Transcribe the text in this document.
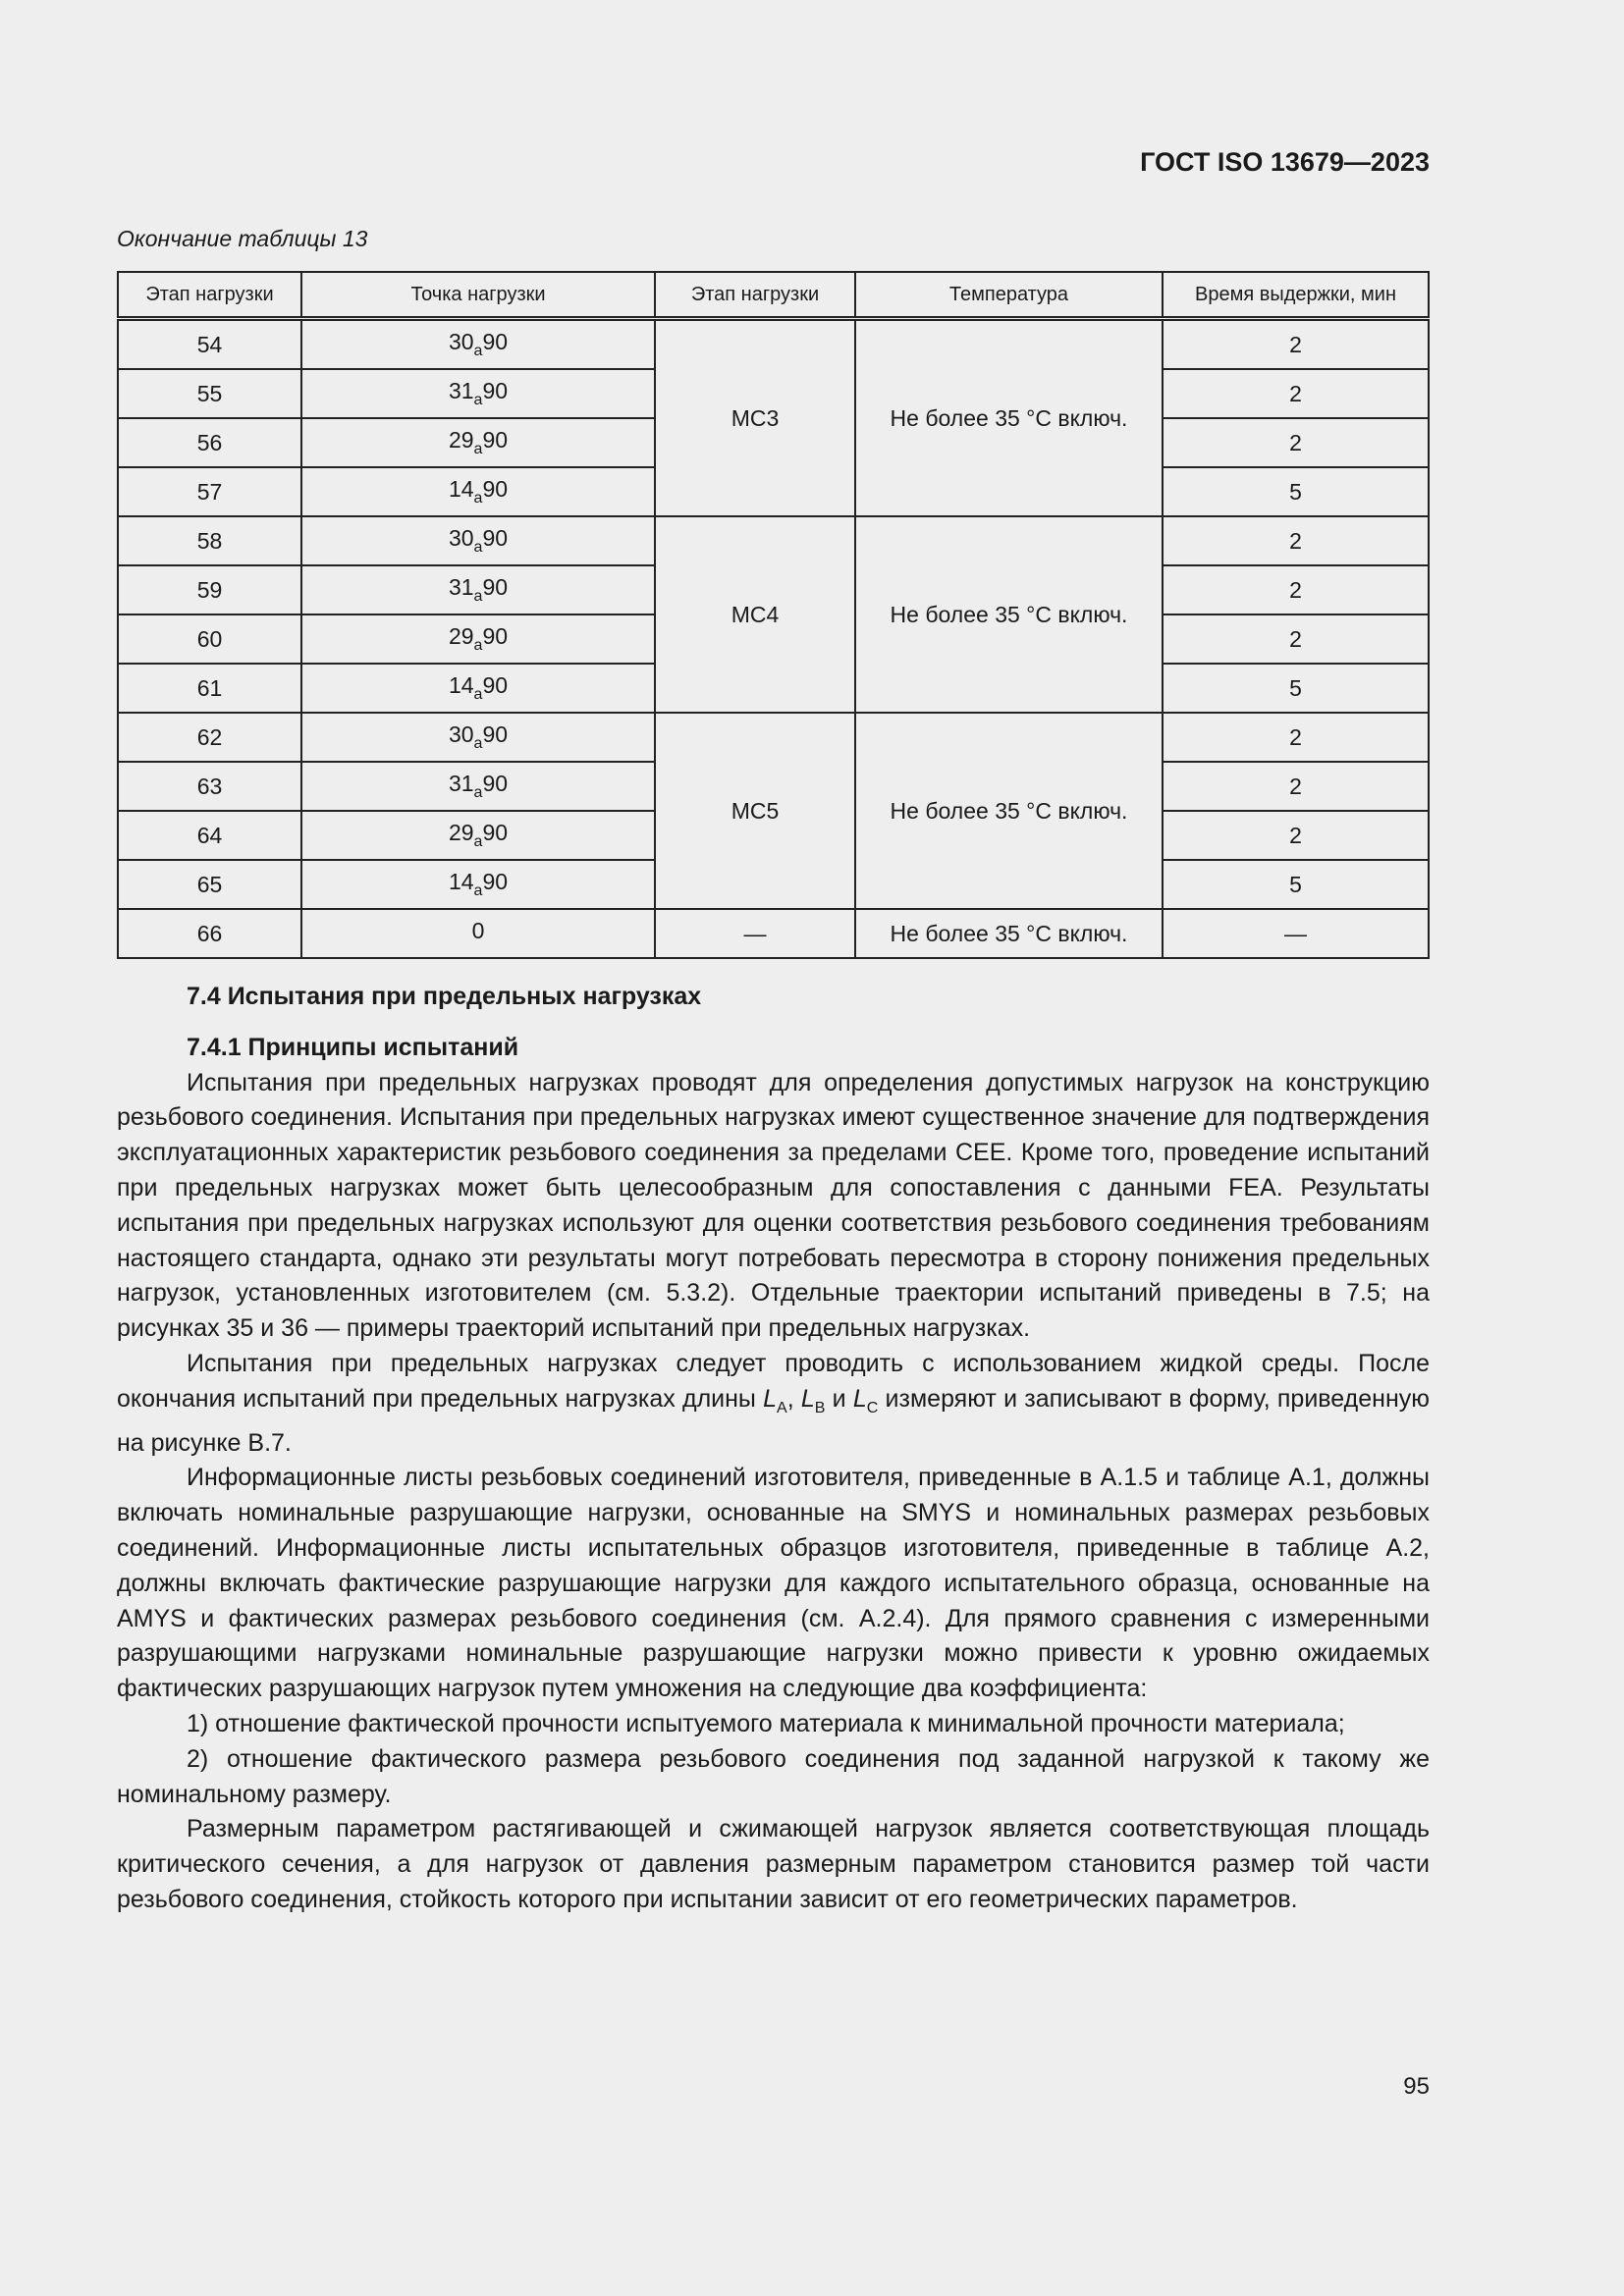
ГОСТ ISO 13679—2023
Окончание таблицы 13
Этап нагрузки	Точка нагрузки	Этап нагрузки	Температура	Время выдержки, мин
54	$30_a90$	MC3	Не более 35 °C включ.	2
55	$31_a90$			2
56	$29_a90$			2
57	$14_a90$			5
58	$30_a90$	MC4	Не более 35 °C включ.	2
59	$31_a90$			2
60	$29_a90$			2
61	$14_a90$			5
62	$30_a90$	MC5	Не более 35 °C включ.	2
63	$31_a90$			2
64	$29_a90$			2
65	$14_a90$			5
66	0	—	Не более 35 °C включ.	—
7.4 Испытания при предельных нагрузках
7.4.1 Принципы испытаний

Испытания при предельных нагрузках проводят для определения допустимых нагрузок на конструкцию резьбового соединения. Испытания при предельных нагрузках имеют существенное значение для подтверждения эксплуатационных характеристик резьбового соединения за пределами СЕЕ. Кроме того, проведение испытаний при предельных нагрузках может быть целесообразным для сопоставления с данными FEA. Результаты испытания при предельных нагрузках используют для оценки соответствия резьбового соединения требованиям настоящего стандарта, однако эти результаты могут потребовать пересмотра в сторону понижения предельных нагрузок, установленных изготовителем (см. 5.3.2). Отдельные траектории испытаний приведены в 7.5; на рисунках 35 и 36 — примеры траекторий испытаний при предельных нагрузках.

Испытания при предельных нагрузках следует проводить с использованием жидкой среды. После окончания испытаний при предельных нагрузках длины $L_A$, $L_B$ и $L_C$ измеряют и записывают в форму, приведенную на рисунке В.7.

Информационные листы резьбовых соединений изготовителя, приведенные в А.1.5 и таблице А.1, должны включать номинальные разрушающие нагрузки, основанные на SMYS и номинальных размерах резьбовых соединений. Информационные листы испытательных образцов изготовителя, приведенные в таблице А.2, должны включать фактические разрушающие нагрузки для каждого испытательного образца, основанные на AMYS и фактических размерах резьбового соединения (см. А.2.4). Для прямого сравнения с измеренными разрушающими нагрузками номинальные разрушающие нагрузки можно привести к уровню ожидаемых фактических разрушающих нагрузок путем умножения на следующие два коэффициента:

1) отношение фактической прочности испытуемого материала к минимальной прочности материала;

2) отношение фактического размера резьбового соединения под заданной нагрузкой к такому же номинальному размеру.

Размерным параметром растягивающей и сжимающей нагрузок является соответствующая площадь критического сечения, а для нагрузок от давления размерным параметром становится размер той части резьбового соединения, стойкость которого при испытании зависит от его геометрических параметров.

95
